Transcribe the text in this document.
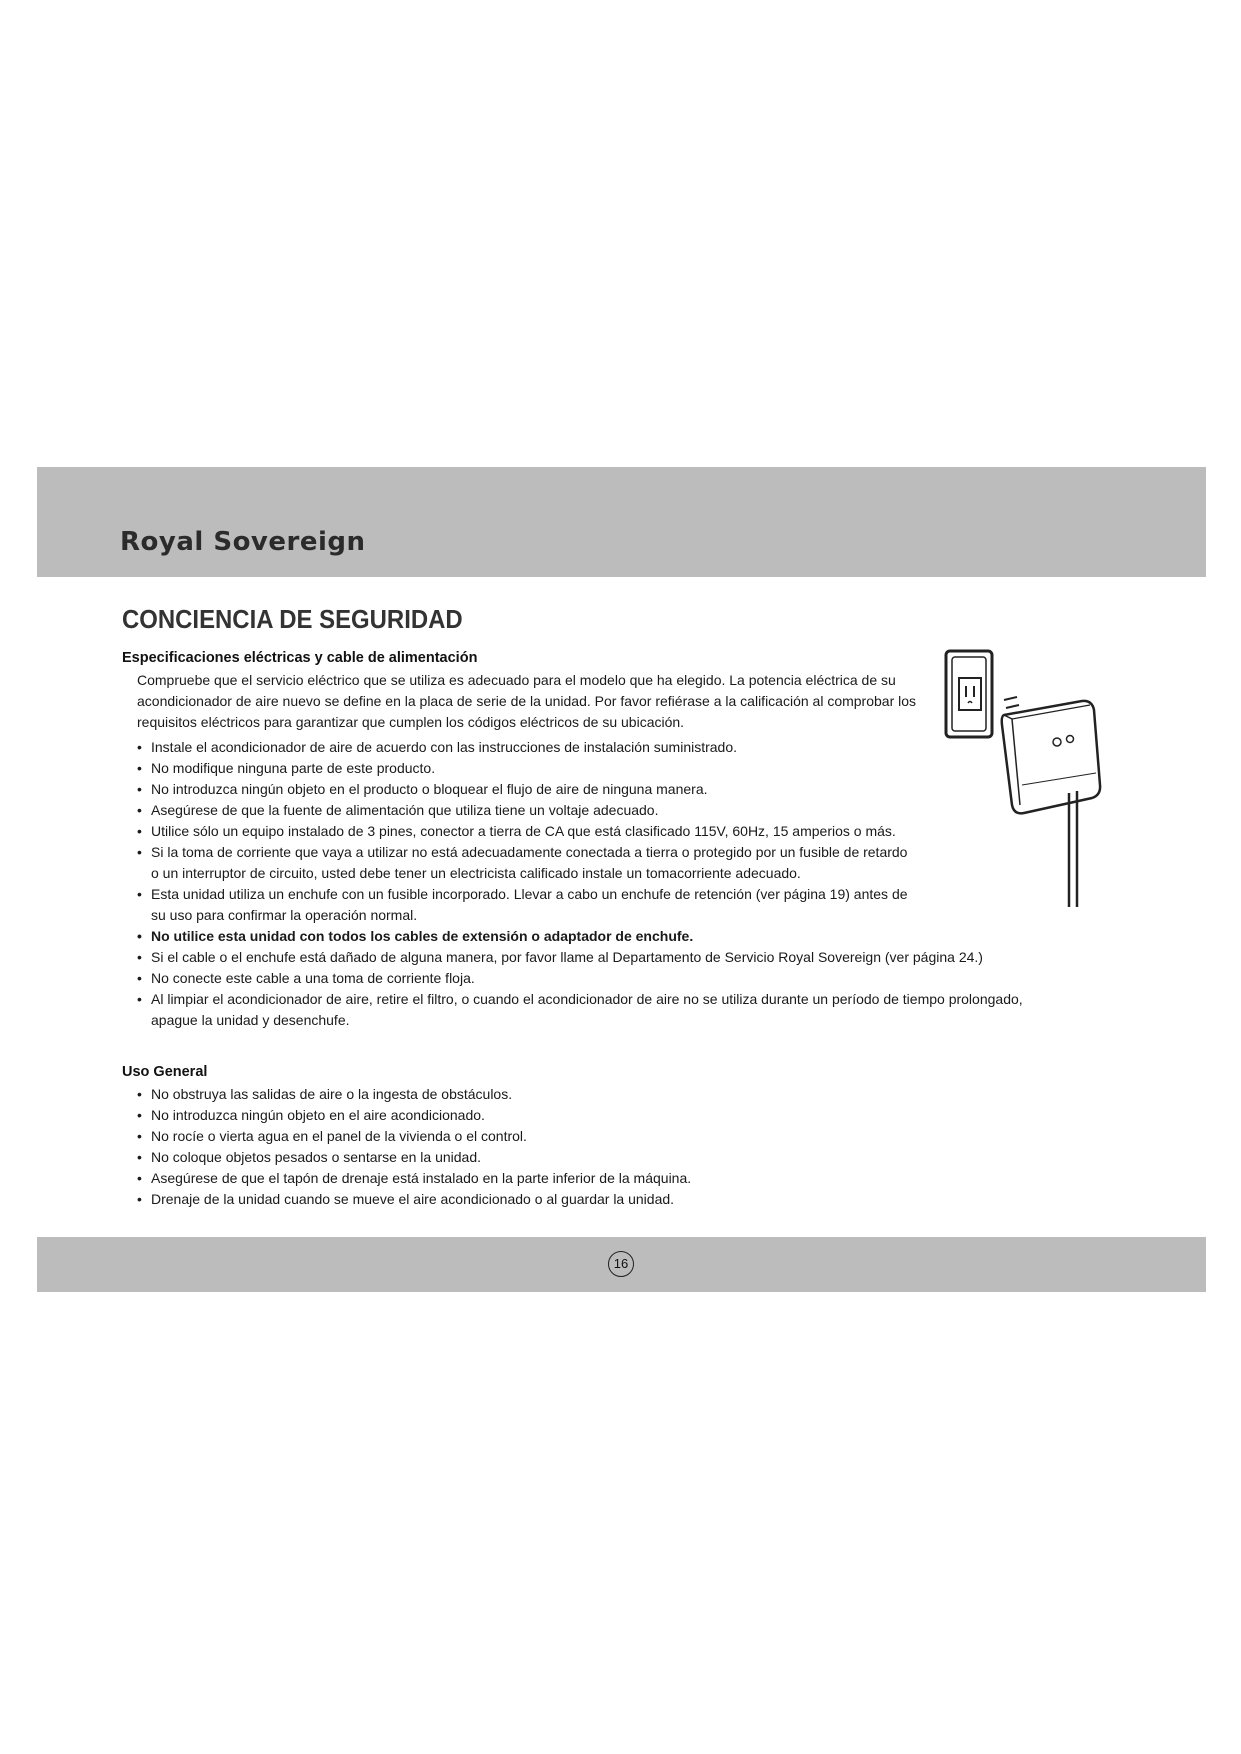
Royal Sovereign
CONCIENCIA DE SEGURIDAD
Especificaciones eléctricas y cable de alimentación

Compruebe que el servicio eléctrico que se utiliza es adecuado para el modelo que ha elegido. La potencia eléctrica de su acondicionador de aire nuevo se define en la placa de serie de la unidad. Por favor refiérase a la calificación al comprobar los requisitos eléctricos para garantizar que cumplen los códigos eléctricos de su ubicación.

• Instale el acondicionador de aire de acuerdo con las instrucciones de instalación suministrado.
• No modifique ninguna parte de este producto.
• No introduzca ningún objeto en el producto o bloquear el flujo de aire de ninguna manera.
• Asegúrese de que la fuente de alimentación que utiliza tiene un voltaje adecuado.
• Utilice sólo un equipo instalado de 3 pines, conector a tierra de CA que está clasificado 115V, 60Hz, 15 amperios o más.
• Si la toma de corriente que vaya a utilizar no está adecuadamente conectada a tierra o protegido por un fusible de retardo o un interruptor de circuito, usted debe tener un electricista calificado instale un tomacorriente adecuado.
• Esta unidad utiliza un enchufe con un fusible incorporado. Llevar a cabo un enchufe de retención (ver página 19) antes de su uso para confirmar la operación normal.
• No utilice esta unidad con todos los cables de extensión o adaptador de enchufe.
• Si el cable o el enchufe está dañado de alguna manera, por favor llame al Departamento de Servicio Royal Sovereign (ver página 24.)
• No conecte este cable a una toma de corriente floja.
• Al limpiar el acondicionador de aire, retire el filtro, o cuando el acondicionador de aire no se utiliza durante un período de tiempo prolongado, apague la unidad y desenchufe.
Uso General
• No obstruya las salidas de aire o la ingesta de obstáculos.
• No introduzca ningún objeto en el aire acondicionado.
• No rocíe o vierta agua en el panel de la vivienda o el control.
• No coloque objetos pesados o sentarse en la unidad.
• Asegúrese de que el tapón de drenaje está instalado en la parte inferior de la máquina.
• Drenaje de la unidad cuando se mueve el aire acondicionado o al guardar la unidad.
16
